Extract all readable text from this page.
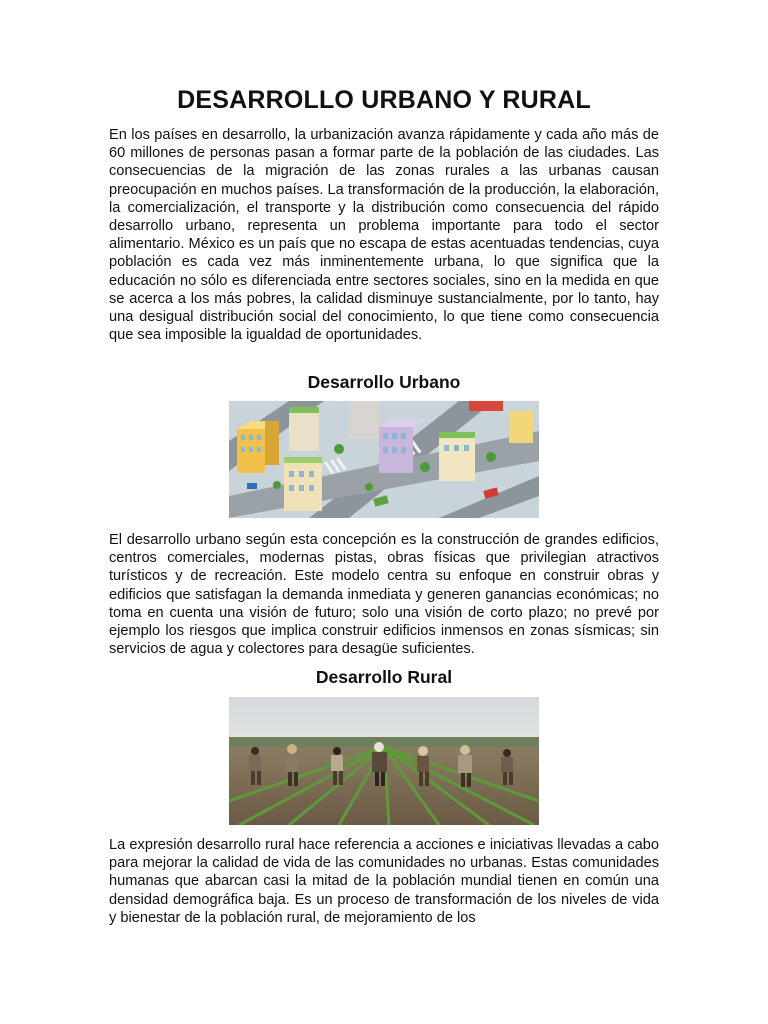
DESARROLLO URBANO Y RURAL

En los países en desarrollo, la urbanización avanza rápidamente y cada año más de 60 millones de personas pasan a formar parte de la población de las ciudades. Las consecuencias de la migración de las zonas rurales a las urbanas causan preocupación en muchos países. La transformación de la producción, la elaboración, la comercialización, el transporte y la distribución como consecuencia del rápido desarrollo urbano, representa un problema importante para todo el sector alimentario. México es un país que no escapa de estas acentuadas tendencias, cuya población es cada vez más inminentemente urbana, lo que significa que la educación no sólo es diferenciada entre sectores sociales, sino en la medida en que se acerca a los más pobres, la calidad disminuye sustancialmente, por lo tanto, hay una desigual distribución social del conocimiento, lo que tiene como consecuencia que sea imposible la igualdad de oportunidades.

Desarrollo Urbano

El desarrollo urbano según esta concepción es la construcción de grandes edificios, centros comerciales, modernas pistas, obras físicas que privilegian atractivos turísticos y de recreación. Este modelo centra su enfoque en construir obras y edificios que satisfagan la demanda inmediata y generen ganancias económicas; no toma en cuenta una visión de futuro; solo una visión de corto plazo; no prevé por ejemplo los riesgos que implica construir edificios inmensos en zonas sísmicas; sin servicios de agua y colectores para desagüe suficientes.

Desarrollo Rural

La expresión desarrollo rural hace referencia a acciones e iniciativas llevadas a cabo para mejorar la calidad de vida de las comunidades no urbanas. Estas comunidades humanas que abarcan casi la mitad de la población mundial tienen en común una densidad demográfica baja. Es un proceso de transformación de los niveles de vida y bienestar de la población rural, de mejoramiento de los
